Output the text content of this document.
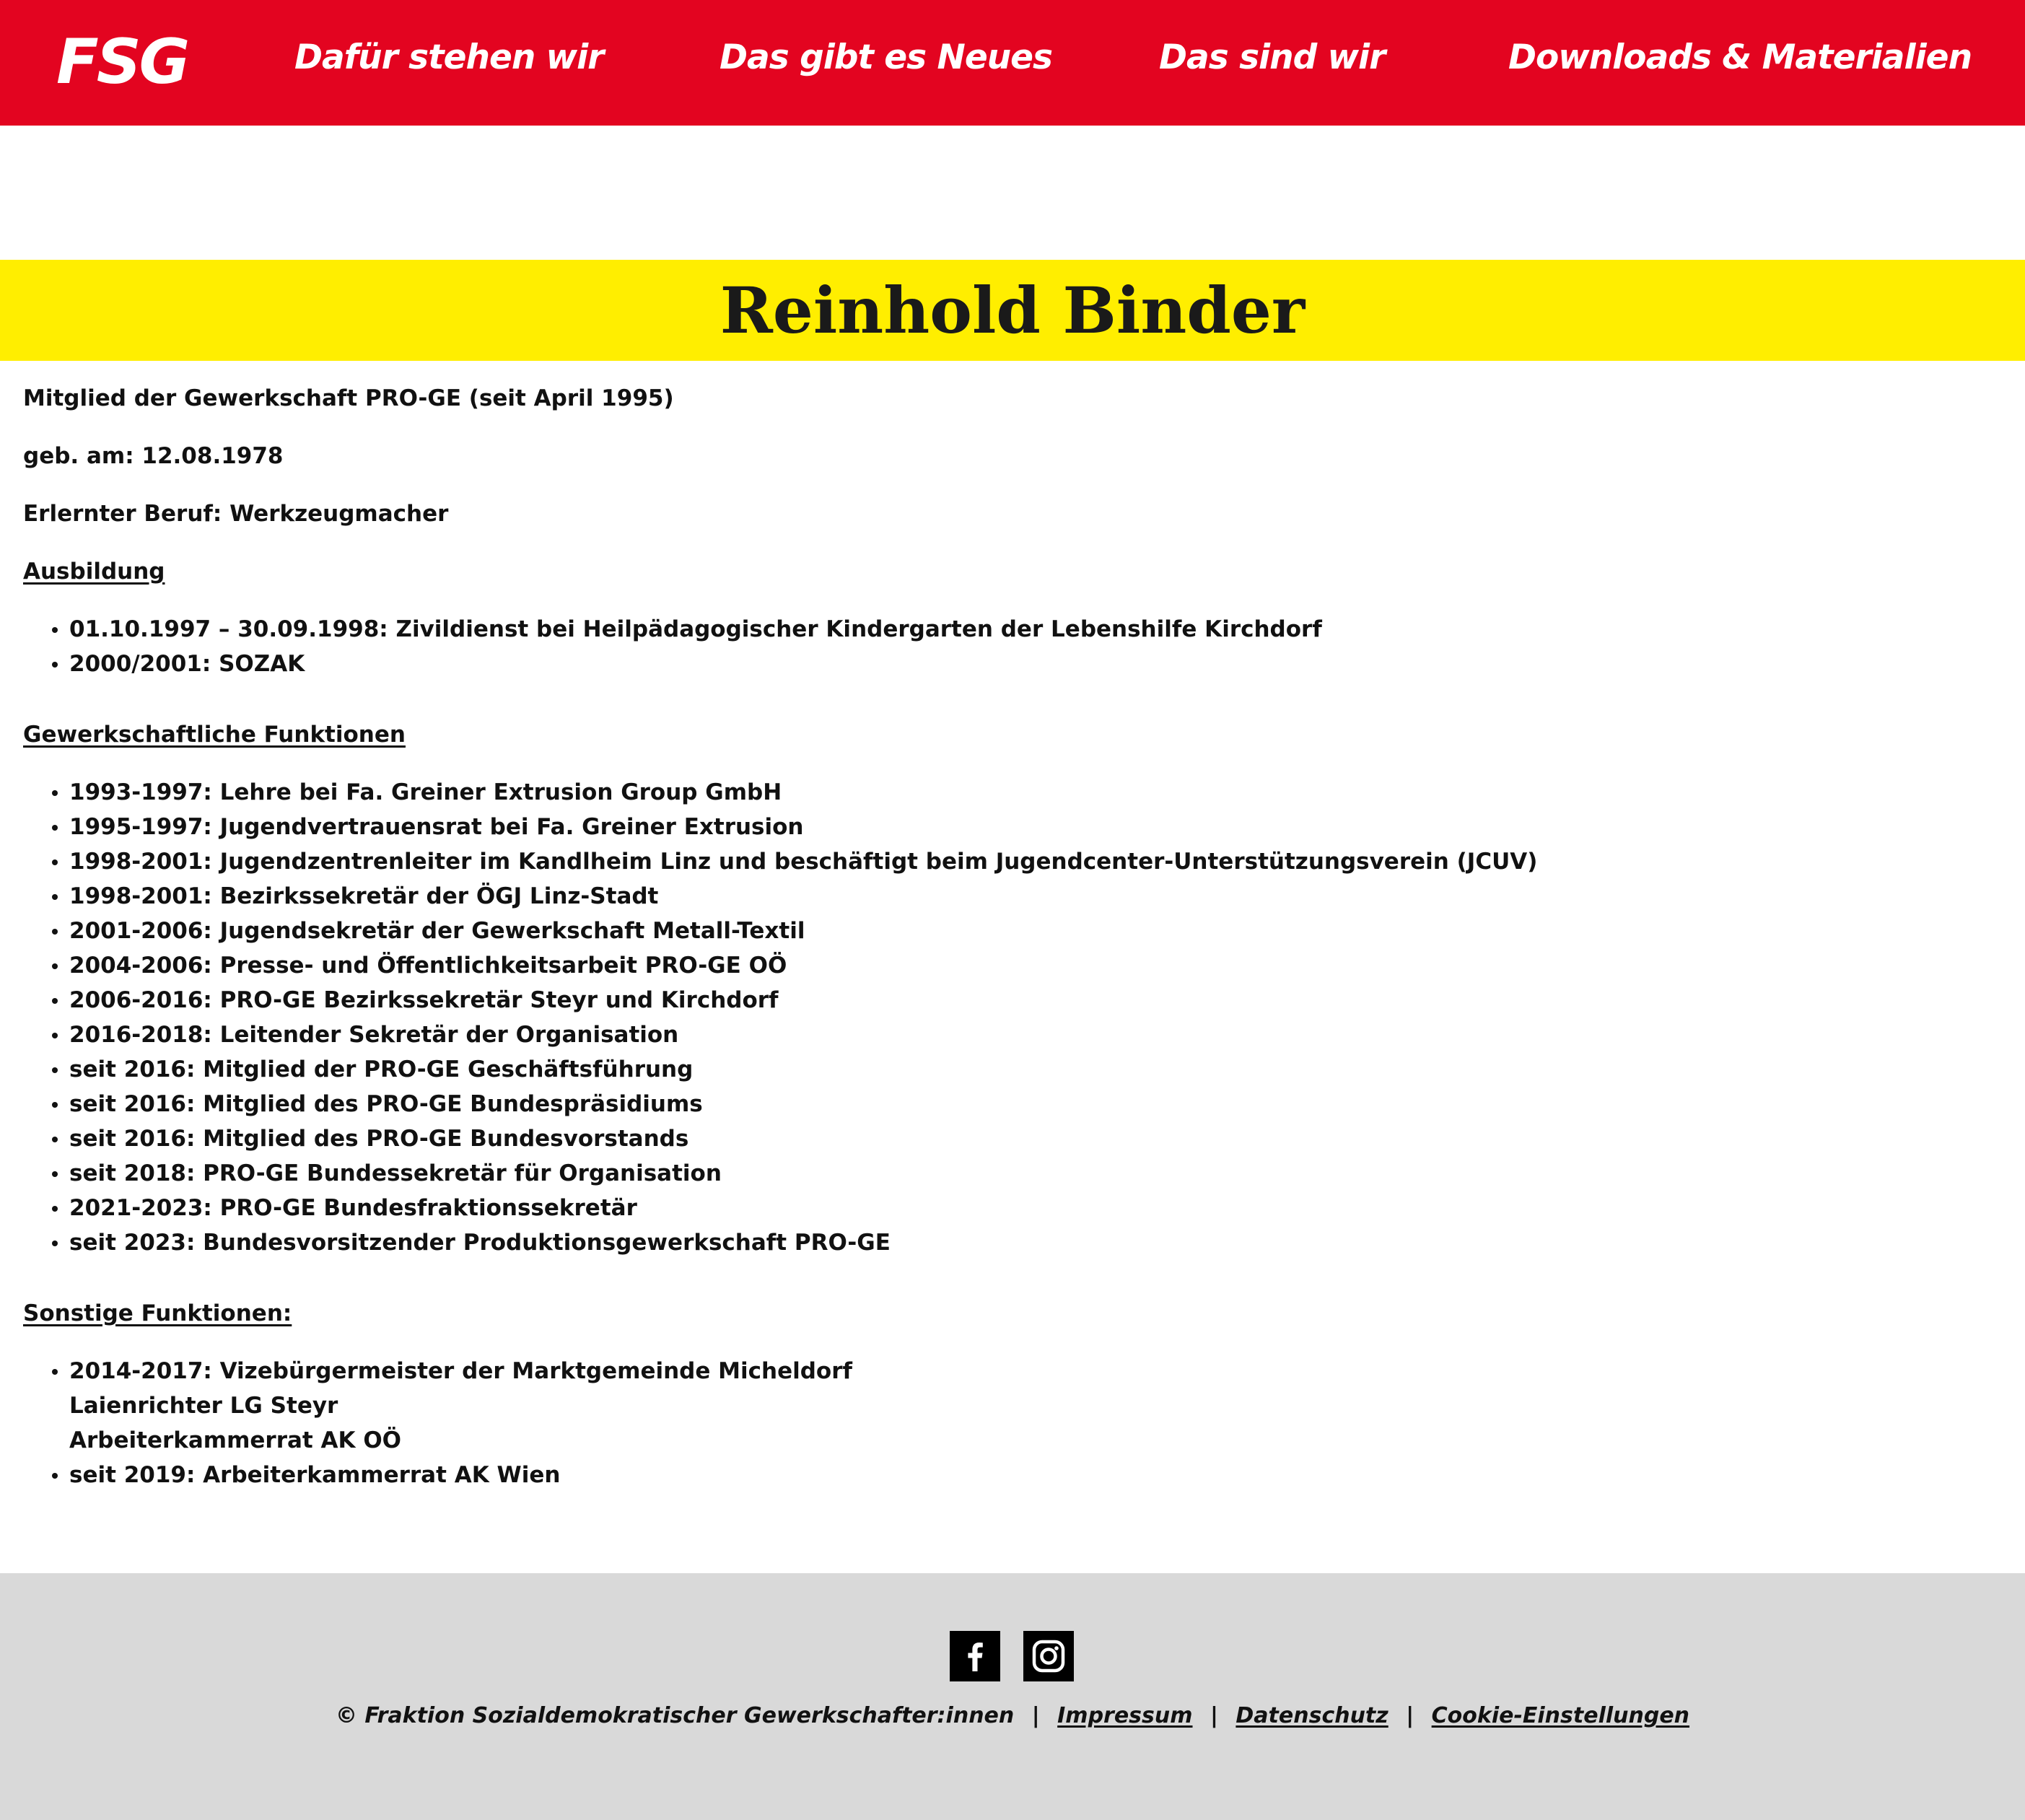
FSG	Dafür stehen wir	Das gibt es Neues	Das sind wir	Downloads & Materialien
Reinhold Binder

Mitglied der Gewerkschaft PRO-GE (seit April 1995)

geb. am: 12.08.1978

Erlernter Beruf: Werkzeugmacher

Ausbildung

01.10.1997 – 30.09.1998: Zivildienst bei Heilpädagogischer Kindergarten der Lebenshilfe Kirchdorf
2000/2001: SOZAK

Gewerkschaftliche Funktionen

1993-1997: Lehre bei Fa. Greiner Extrusion Group GmbH
1995-1997: Jugendvertrauensrat bei Fa. Greiner Extrusion
1998-2001: Jugendzentrenleiter im Kandlheim Linz und beschäftigt beim Jugendcenter-Unterstützungsverein (JCUV)
1998-2001: Bezirkssekretär der ÖGJ Linz-Stadt
2001-2006: Jugendsekretär der Gewerkschaft Metall-Textil
2004-2006: Presse- und Öffentlichkeitsarbeit PRO-GE OÖ
2006-2016: PRO-GE Bezirkssekretär Steyr und Kirchdorf
2016-2018: Leitender Sekretär der Organisation
seit 2016: Mitglied der PRO-GE Geschäftsführung
seit 2016: Mitglied des PRO-GE Bundespräsidiums
seit 2016: Mitglied des PRO-GE Bundesvorstands
seit 2018: PRO-GE Bundessekretär für Organisation
2021-2023: PRO-GE Bundesfraktionssekretär
seit 2023: Bundesvorsitzender Produktionsgewerkschaft PRO-GE

Sonstige Funktionen:

2014-2017: Vizebürgermeister der Marktgemeinde Micheldorf
Laienrichter LG Steyr
Arbeiterkammerrat AK OÖ
seit 2019: Arbeiterkammerrat AK Wien
© Fraktion Sozialdemokratischer Gewerkschafter:innen | Impressum | Datenschutz | Cookie-Einstellungen
